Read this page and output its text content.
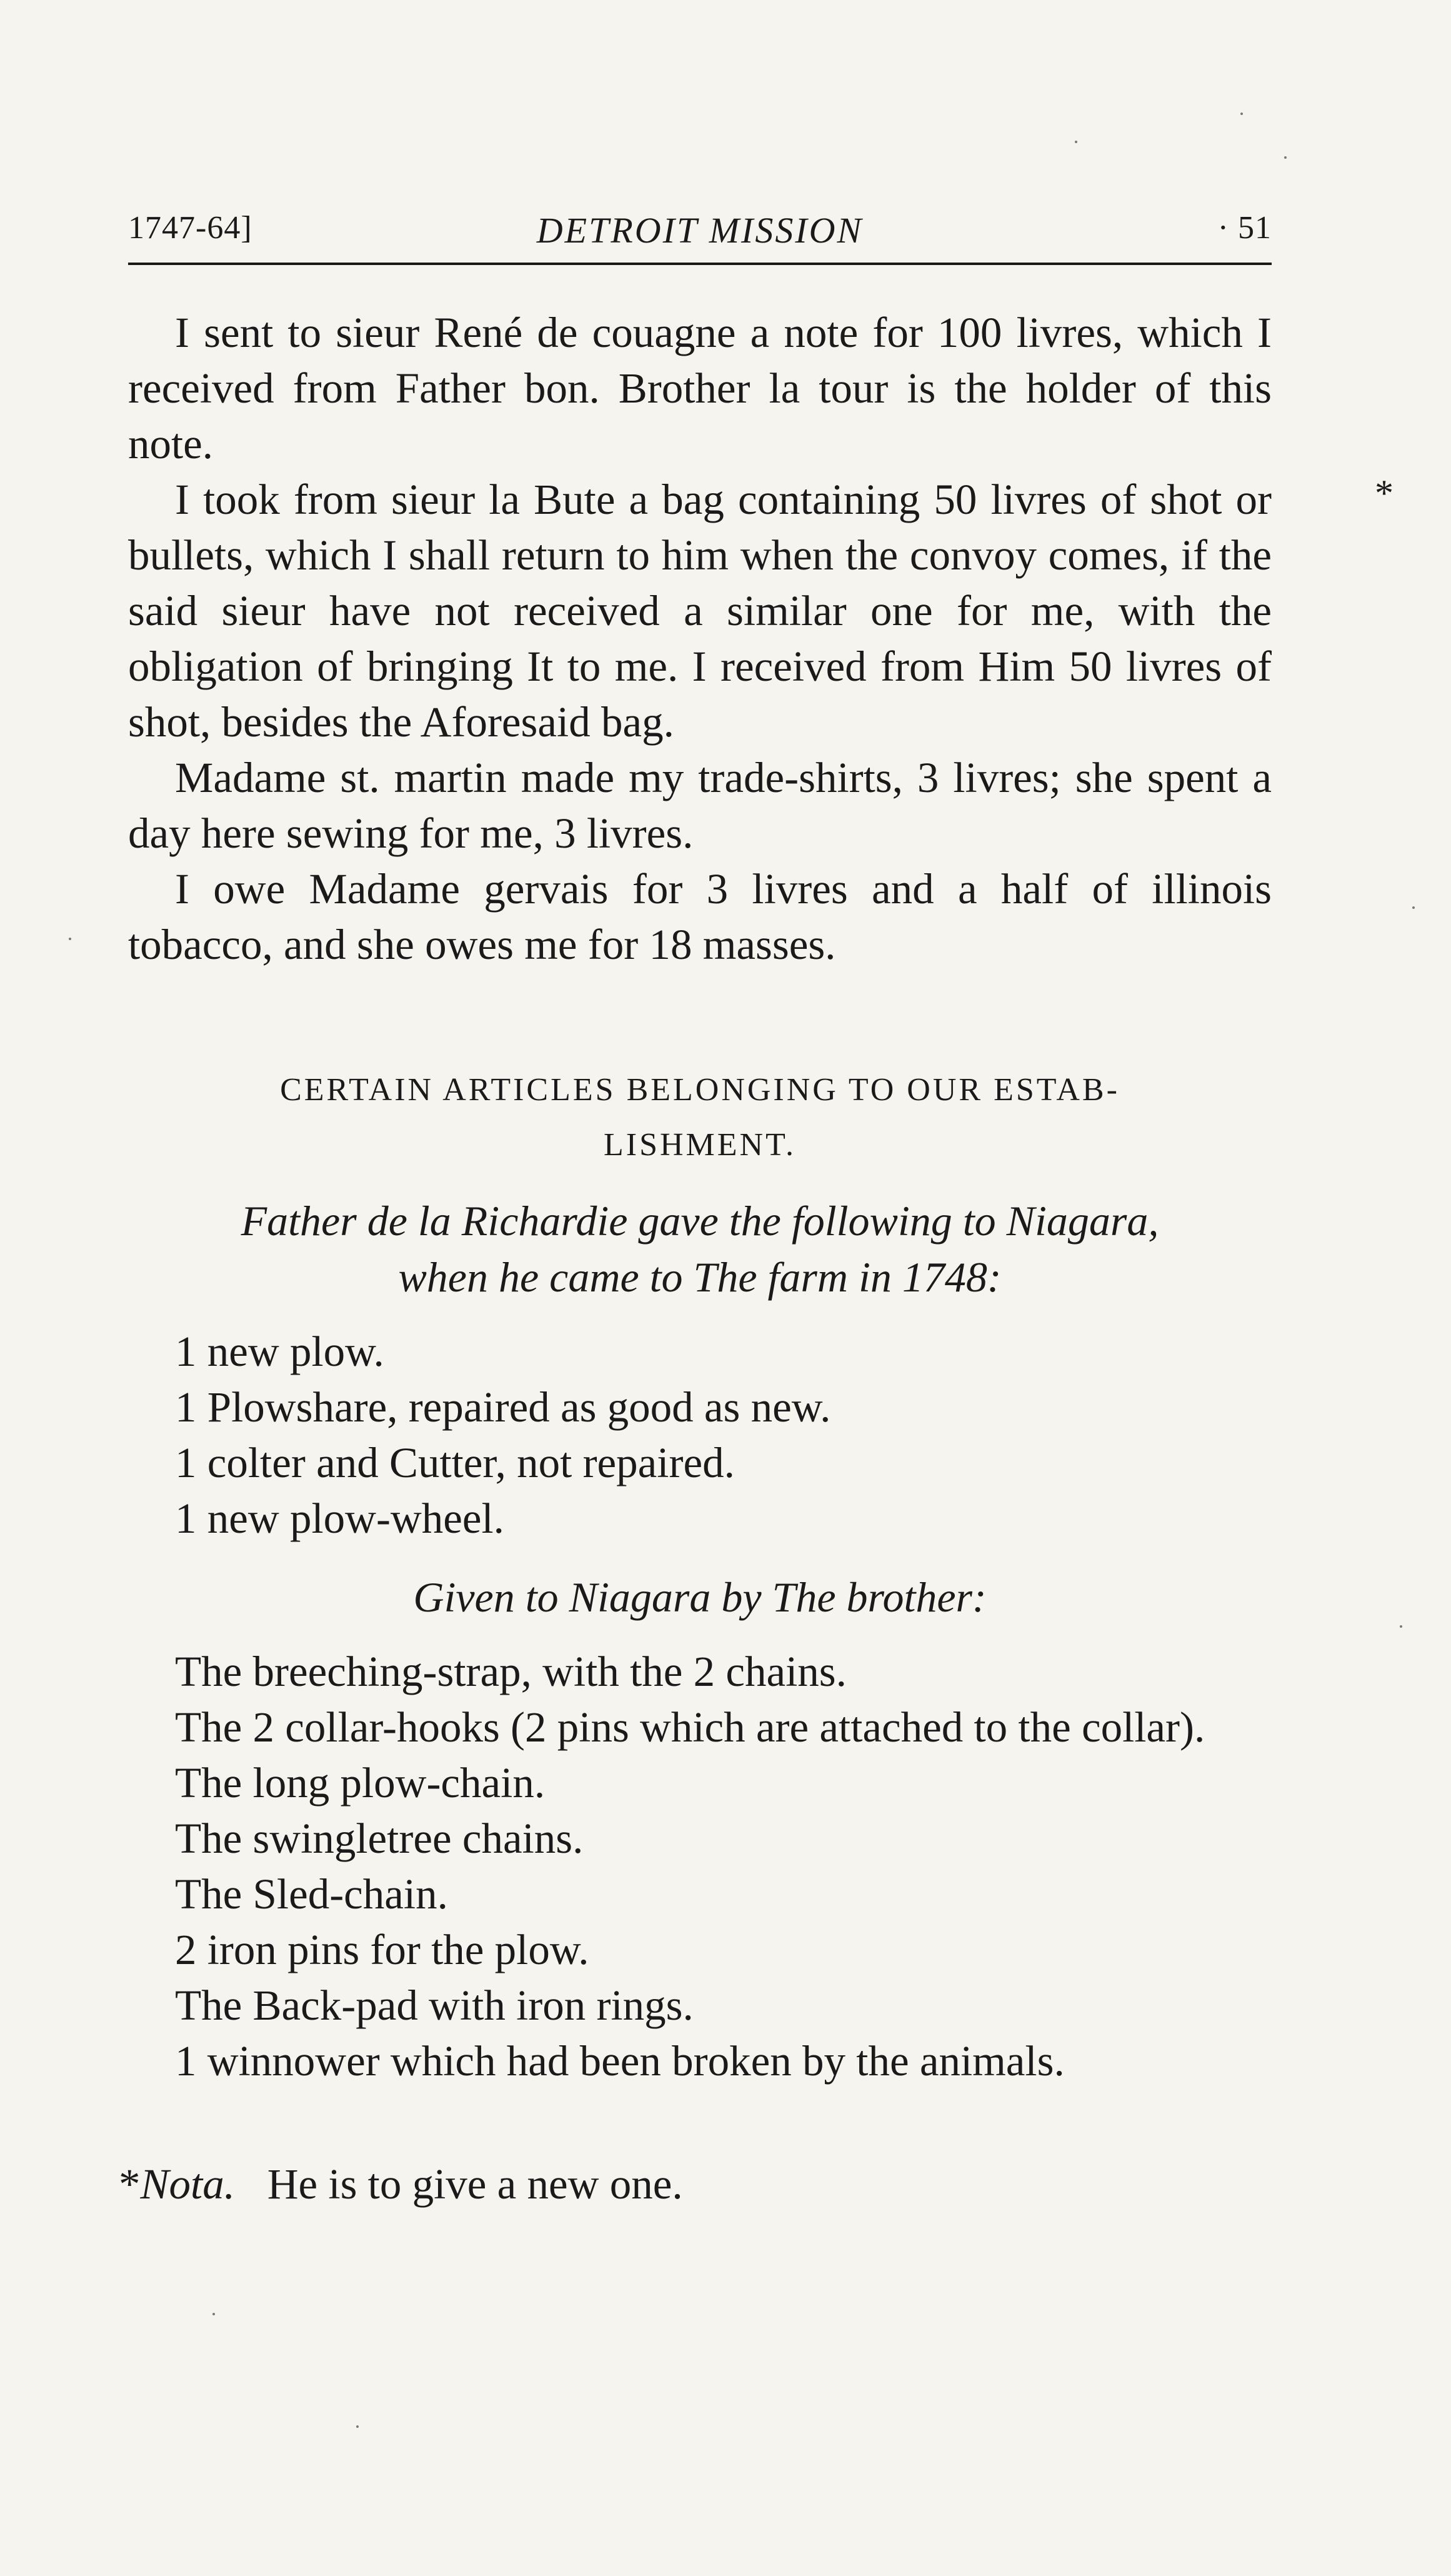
1747-64]	DETROIT MISSION	· 51
*

I sent to sieur René de couagne a note for 100 livres, which I received from Father bon. Brother la tour is the holder of this note.

I took from sieur la Bute a bag containing 50 livres of shot or bullets, which I shall return to him when the convoy comes, if the said sieur have not received a similar one for me, with the obligation of bringing It to me. I received from Him 50 livres of shot, besides the Aforesaid bag.

Madame st. martin made my trade-shirts, 3 livres; she spent a day here sewing for me, 3 livres.

I owe Madame gervais for 3 livres and a half of illinois tobacco, and she owes me for 18 masses.

CERTAIN ARTICLES BELONGING TO OUR ESTAB-
LISHMENT.
Father de la Richardie gave the following to Niagara,
when he came to The farm in 1748:
1 new plow.
1 Plowshare, repaired as good as new.
1 colter and Cutter, not repaired.
1 new plow-wheel.
Given to Niagara by The brother:

The breeching-strap, with the 2 chains.

The 2 collar-hooks (2 pins which are attached to the collar).

The long plow-chain.

The swingletree chains.

The Sled-chain.

2 iron pins for the plow.

The Back-pad with iron rings.

1 winnower which had been broken by the animals.

*Nota. He is to give a new one.
